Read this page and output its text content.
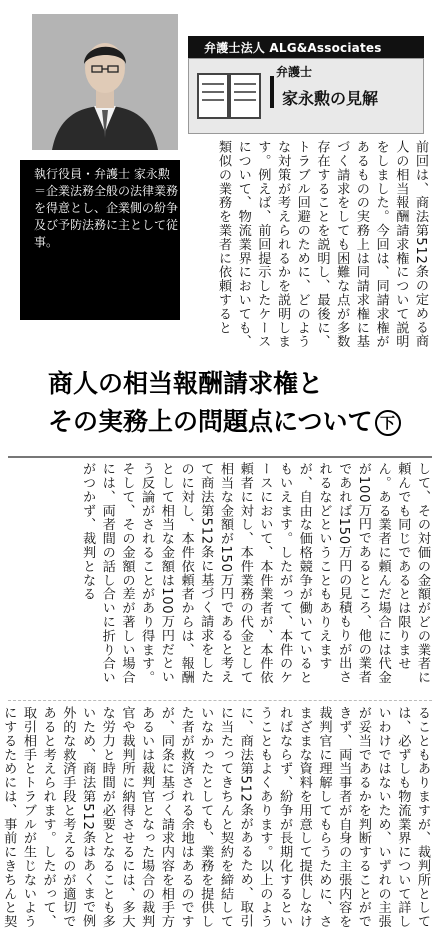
執行役員・弁護士 家永勲＝企業法務全般の法律業務を得意とし、企業側の紛争及び予防法務に主として従事。
弁護士法人 ALG&Associates
弁護士
家永勲の見解
前回は、商法第512条の定める商人の相当報酬請求権について説明をしました。今回は、同請求権があるものの実務上は同請求権に基づく請求をしても困難な点が多数存在することを説明し、最後に、トラブル回避のために、どのような対策が考えられるかを説明します。例えば、前回提示したケースについて、物流業界においても、類似の業務を業者に依頼すると
商人の相当報酬請求権と
その実務上の問題点について 下
して、その対価の金額がどの業者に頼んでも同じであるとは限りません。ある業者に頼んだ場合には代金が100万円であるところ、他の業者であれば150万円の見積もりが出されるなどということもありえますが、自由な価格競争が働いているともいえます。したがって、本件のケースにおいて、本件業者が、本件依頼者に対し、本件業務の代金として相当な金額が150万円であると考えて商法第512条に基づく請求をしたのに対し、本件依頼者からは、報酬として相当な金額は100万円だという反論がされることがあり得ます。そして、その金額の差が著しい場合には、両者間の話し合いに折り合いがつかず、裁判となる
ることもありますが、裁判所としては、必ずしも物流業界について詳しいわけではないため、いずれの主張が妥当であるかを判断することができず、両当事者が自身の主張内容を裁判官に理解してもらうために、さまざまな資料を用意して提供しなければならず、紛争が長期化するということもよくあります。以上のように、商法第512条があるため、取引に当たってきちんと契約を締結していなかったとしても、業務を提供した者が救済される余地はあるのですが、同条に基づく請求内容を相手方あるいは裁判官となった場合の裁判官や裁判所に納得させるには、多大な労力と時間が必要となることも多いため、商法第512条はあくまで例外的な救済手段と考えるのが適切であると考えられます。したがって、取引相手とトラブルが生じないようにするためには、事前にきちんと契
